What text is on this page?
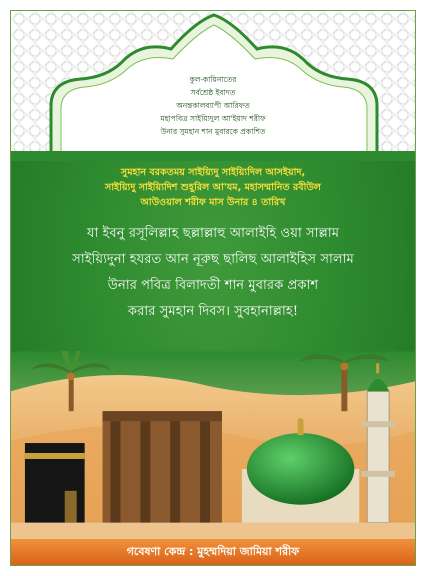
কুল-কায়িনাতের
সর্বশ্রেষ্ঠ ইবাদত
অনন্তকালব্যাপী আরিফত
মহাপবিত্র সাইয়্যিদুল আ'ইয়াদ শরীফ
উনার সুমহান শান মুবারকে প্রকাশিত
সুমহান বরকতময় সাইয়্যিদু সাইয়্যিদিল আসইয়াদ,
সাইয়্যিদু সাইয়্যিদিশ শুহূরিল আ'যম, মহাসম্মানিত রবীউল
আউওয়াল শরীফ মাস উনার ৪ তারিখ
যা ইবনু রসূলিল্লাহ ছল্লাল্লাহু আলাইহি ওয়া সাল্লাম
সাইয়্যিদুনা হযরত আন নূরুছ ছালিছ আলাইহিস সালাম
উনার পবিত্র বিলাদতী শান মুবারক প্রকাশ
করার সুমহান দিবস। সুবহানাল্লাহ!
গবেষণা কেন্দ্র : মুহম্মদিয়া জামিয়া শরীফ
